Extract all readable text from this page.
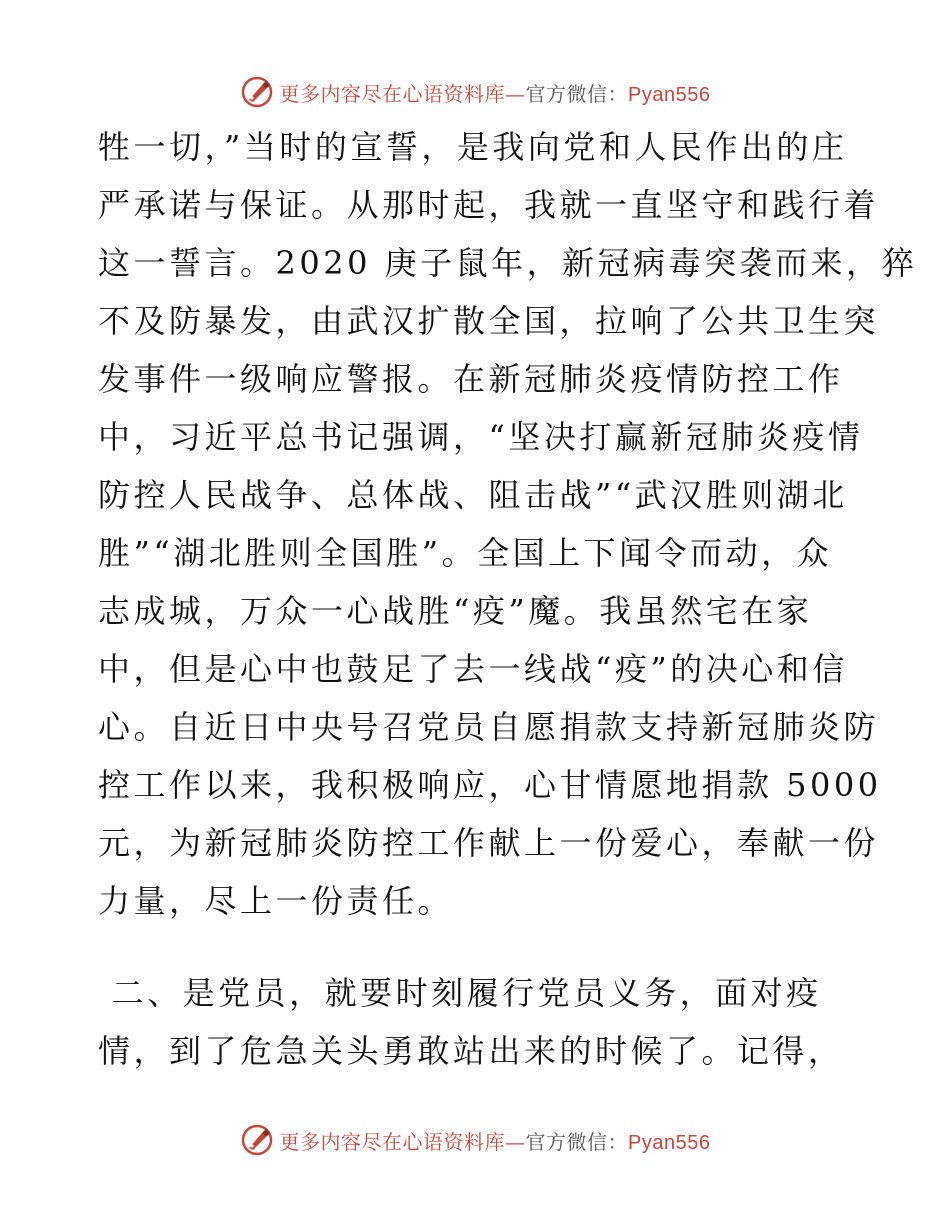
更多内容尽在心语资料库—官方微信：Pyan556
牲一切，”当时的宣誓，是我向党和人民作出的庄
严承诺与保证。从那时起，我就一直坚守和践行着
这一誓言。2020 庚子鼠年，新冠病毒突袭而来，猝
不及防暴发，由武汉扩散全国，拉响了公共卫生突
发事件一级响应警报。在新冠肺炎疫情防控工作
中，习近平总书记强调，“坚决打赢新冠肺炎疫情
防控人民战争、总体战、阻击战”“武汉胜则湖北
胜”“湖北胜则全国胜”。全国上下闻令而动，众
志成城，万众一心战胜“疫”魔。我虽然宅在家
中，但是心中也鼓足了去一线战“疫”的决心和信
心。自近日中央号召党员自愿捐款支持新冠肺炎防
控工作以来，我积极响应，心甘情愿地捐款 5000
元，为新冠肺炎防控工作献上一份爱心，奉献一份
力量，尽上一份责任。
二、是党员，就要时刻履行党员义务，面对疫
情，到了危急关头勇敢站出来的时候了。记得，
更多内容尽在心语资料库—官方微信：Pyan556
